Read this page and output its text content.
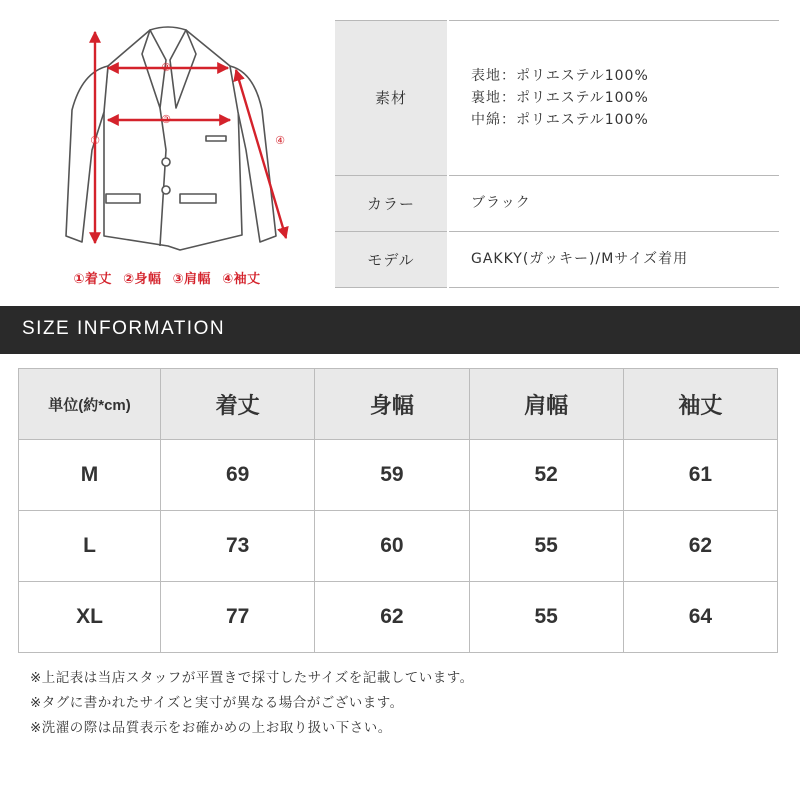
①
②
③
④
①着丈 ②身幅 ③肩幅 ④袖丈
素材	表地：ポリエステル100%
裏地：ポリエステル100%
中綿：ポリエステル100%

カラー	ブラック
モデル	GAKKY(ガッキー)/Mサイズ着用
SIZE INFORMATION
単位(約*cm)	着丈	身幅	肩幅	袖丈
M	69	59	52	61
L	73	60	55	62
XL	77	62	55	64
※上記表は当店スタッフが平置きで採寸したサイズを記載しています。
※タグに書かれたサイズと実寸が異なる場合がございます。
※洗濯の際は品質表示をお確かめの上お取り扱い下さい。
